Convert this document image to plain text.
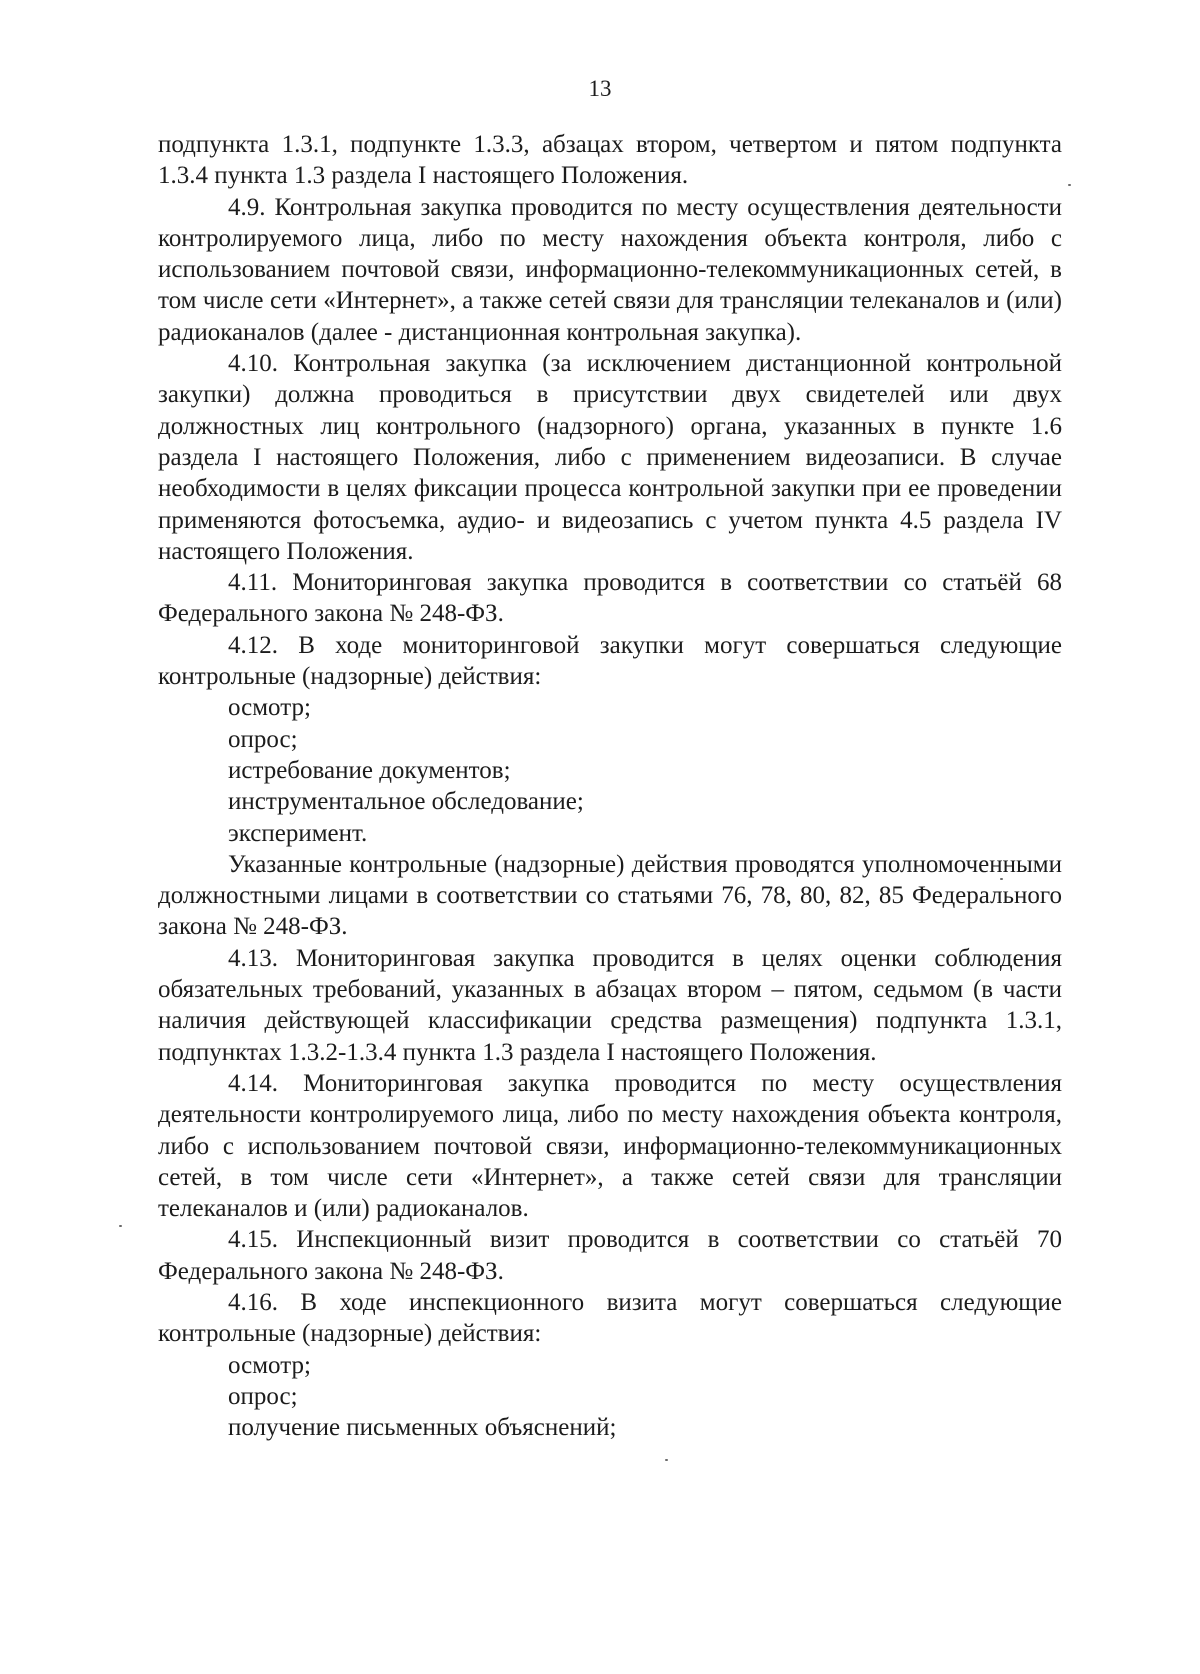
13

подпункта 1.3.1, подпункте 1.3.3, абзацах втором, четвертом и пятом подпункта 1.3.4 пункта 1.3 раздела I настоящего Положения.

4.9. Контрольная закупка проводится по месту осуществления деятельности контролируемого лица, либо по месту нахождения объекта контроля, либо с использованием почтовой связи, информационно-телекоммуникационных сетей, в том числе сети «Интернет», а также сетей связи для трансляции телеканалов и (или) радиоканалов (далее - дистанционная контрольная закупка).

4.10. Контрольная закупка (за исключением дистанционной контрольной закупки) должна проводиться в присутствии двух свидетелей или двух должностных лиц контрольного (надзорного) органа, указанных в пункте 1.6 раздела I настоящего Положения, либо с применением видеозаписи. В случае необходимости в целях фиксации процесса контрольной закупки при ее проведении применяются фотосъемка, аудио- и видеозапись с учетом пункта 4.5 раздела IV настоящего Положения.

4.11. Мониторинговая закупка проводится в соответствии со статьёй 68 Федерального закона № 248-ФЗ.

4.12. В ходе мониторинговой закупки могут совершаться следующие контрольные (надзорные) действия:

осмотр;

опрос;

истребование документов;

инструментальное обследование;

эксперимент.

Указанные контрольные (надзорные) действия проводятся уполномоченными должностными лицами в соответствии со статьями 76, 78, 80, 82, 85 Федерального закона № 248-ФЗ.

4.13. Мониторинговая закупка проводится в целях оценки соблюдения обязательных требований, указанных в абзацах втором – пятом, седьмом (в части наличия действующей классификации средства размещения) подпункта 1.3.1, подпунктах 1.3.2-1.3.4 пункта 1.3 раздела I настоящего Положения.

4.14. Мониторинговая закупка проводится по месту осуществления деятельности контролируемого лица, либо по месту нахождения объекта контроля, либо с использованием почтовой связи, информационно-телекоммуникационных сетей, в том числе сети «Интернет», а также сетей связи для трансляции телеканалов и (или) радиоканалов.

4.15. Инспекционный визит проводится в соответствии со статьёй 70 Федерального закона № 248-ФЗ.

4.16. В ходе инспекционного визита могут совершаться следующие контрольные (надзорные) действия:

осмотр;

опрос;

получение письменных объяснений;
